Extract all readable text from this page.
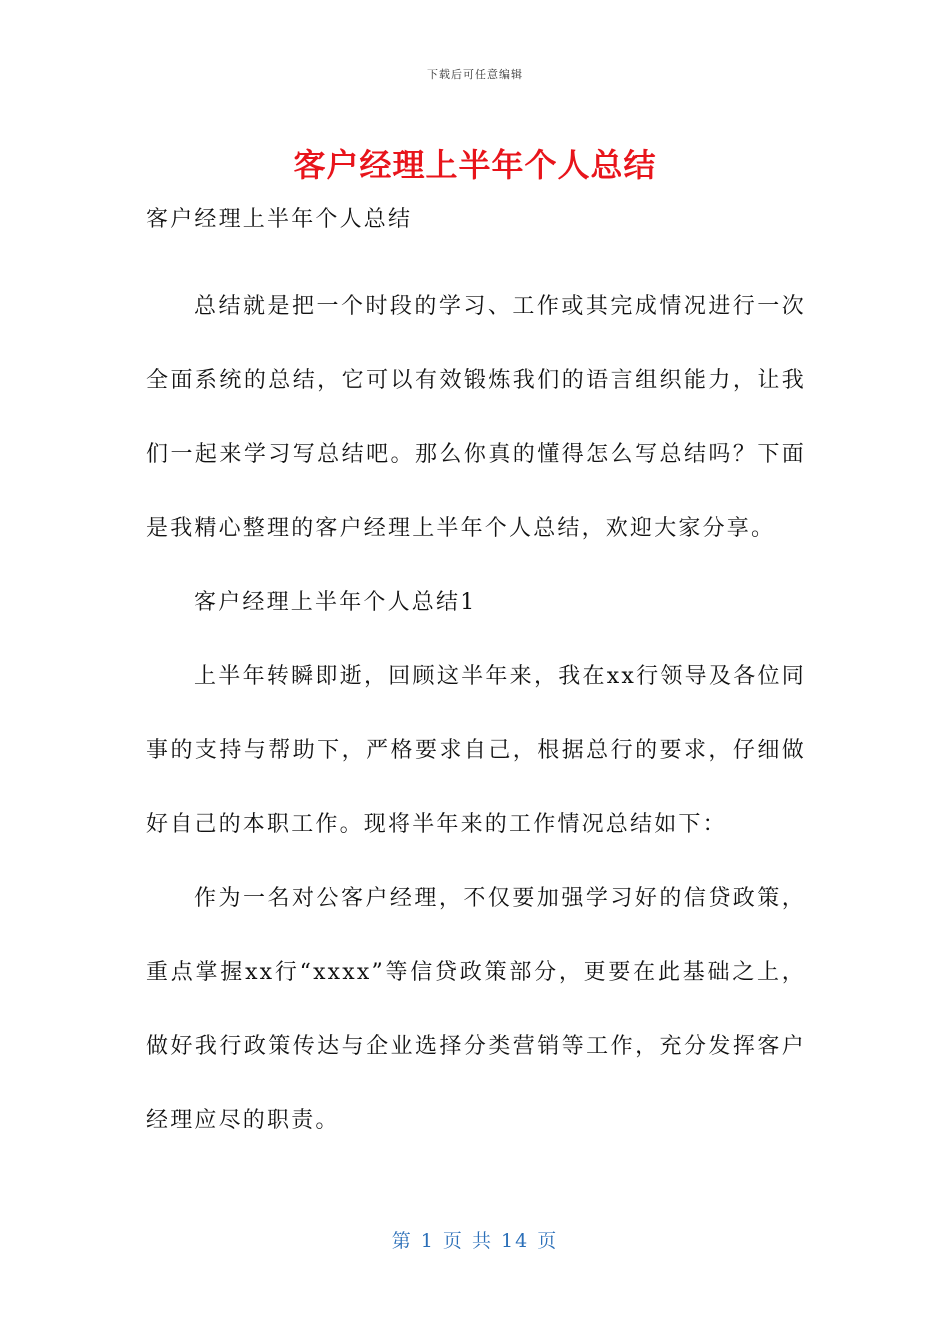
下载后可任意编辑
客户经理上半年个人总结

客户经理上半年个人总结

总结就是把一个时段的学习、工作或其完成情况进行一次全面系统的总结，它可以有效锻炼我们的语言组织能力，让我们一起来学习写总结吧。那么你真的懂得怎么写总结吗？下面是我精心整理的客户经理上半年个人总结，欢迎大家分享。

客户经理上半年个人总结1

上半年转瞬即逝，回顾这半年来，我在xx行领导及各位同事的支持与帮助下，严格要求自己，根据总行的要求，仔细做好自己的本职工作。现将半年来的工作情况总结如下：

作为一名对公客户经理，不仅要加强学习好的信贷政策，重点掌握xx行“xxxx”等信贷政策部分，更要在此基础之上，做好我行政策传达与企业选择分类营销等工作，充分发挥客户经理应尽的职责。

第 1 页 共 14 页
